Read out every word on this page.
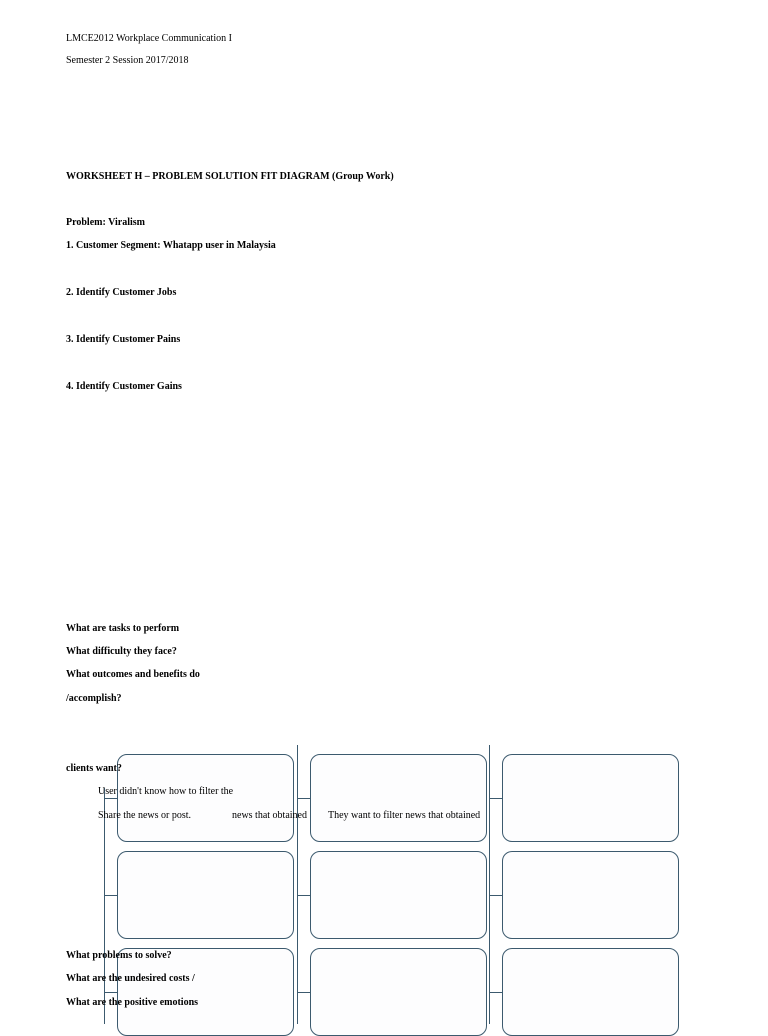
LMCE2012 Workplace Communication I
Semester 2 Session 2017/2018
WORKSHEET H – PROBLEM SOLUTION FIT DIAGRAM (Group Work)
Problem: Viralism
1. Customer Segment: Whatapp user in Malaysia
2. Identify Customer Jobs
3. Identify Customer Pains
4. Identify Customer Gains
What are tasks to perform
What difficulty they face?
What outcomes and benefits do
/accomplish?
clients want?
User didn't know how to filter the
Share the news or post.	news that obtained They want to filter news that obtained
What problems to solve?
What are the undesired costs /
What are the positive emotions
